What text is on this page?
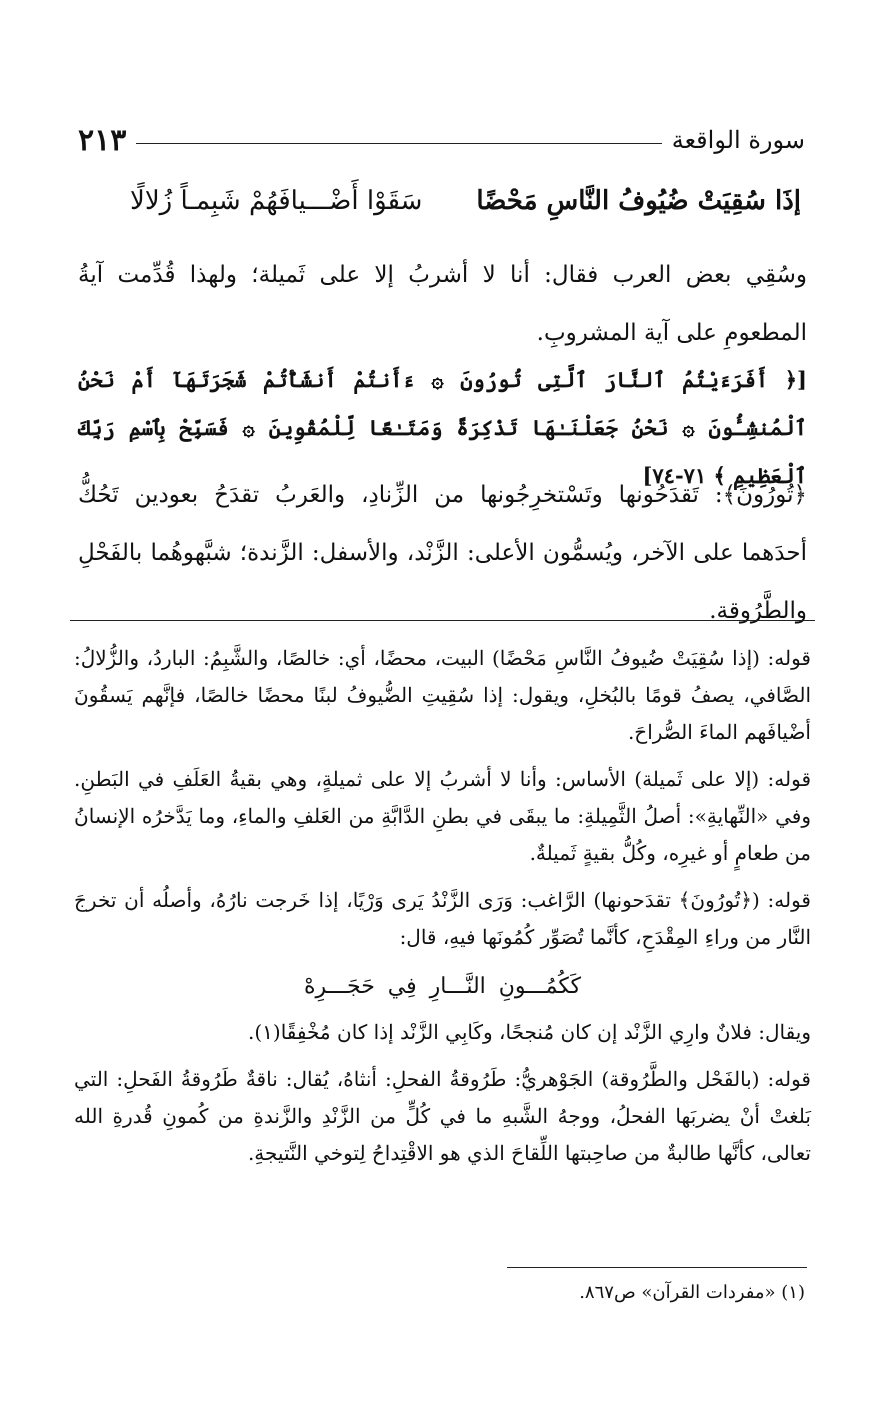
سورة الواقعة
٢١٣
إذَا سُقِيَتْ ضُيُوفُ النَّاسِ مَحْضًا
سَقَوْا أَضْـــيافَهُمْ شَبِمـاً زُلالًا
وسُقِي بعض العرب فقال: أنا لا أشربُ إلا على ثَميلة؛ ولهذا قُدِّمت آيةُ المطعومِ على آية المشروبِ.
[﴿ أَفَرَءَيْتُمُ ٱلنَّارَ ٱلَّتِى تُورُونَ ۞ ءَأَنتُمْ أَنشَأْتُمْ شَجَرَتَهَآ أَمْ نَحْنُ ٱلْمُنشِـُٔونَ ۞ نَحْنُ جَعَلْنَـٰهَا تَذْكِرَةً وَمَتَـٰعًا لِّلْمُقْوِينَ ۞ فَسَبِّحْ بِٱسْمِ رَبِّكَ ٱلْعَظِيمِ ﴾ ٧١-٧٤]
﴿تُورُونَ﴾: تَقدَحُونها وتَسْتخرِجُونها من الزِّنادِ، والعَربُ تقدَحُ بعودين تَحُكُّ أحدَهما على الآخر، ويُسمُّون الأعلى: الزَّنْد، والأسفل: الزَّندة؛ شبَّهوهُما بالفَحْلِ والطَّرُوقة.

قوله: (إذا سُقِيَتْ ضُيوفُ النَّاسِ مَحْضًا) البيت، محضًا، أي: خالصًا، والشَّبِمُ: الباردُ، والزُّلالُ: الصَّافي، يصفُ قومًا بالبُخلِ، ويقول: إذا سُقِيتِ الضُّيوفُ لبنًا محضًا خالصًا، فإنَّهم يَسقُونَ أضْيافَهم الماءَ الصُّراحَ.

قوله: (إلا على ثَميلة) الأساس: وأنا لا أشربُ إلا على ثميلةٍ، وهي بقيةُ العَلَفِ في البَطنِ. وفي «النِّهايةِ»: أصلُ الثَّمِيلةِ: ما يبقَى في بطنِ الدَّابَّةِ من العَلفِ والماءِ، وما يَدَّخرُه الإنسانُ من طعامٍ أو غيرِه، وكُلُّ بقيةٍ ثَميلةٌ.

قوله: (﴿تُورُونَ﴾ تقدَحونها) الرَّاغب: وَرَى الزَّنْدُ يَرى وَرْيًا، إذا خَرجت نارُهُ، وأصلُه أن تخرجَ النَّار من وراءِ المِقْدَحِ، كأنَّما تُصَوِّر كُمُونَها فيهِ، قال:

كَكُمُـــونِ النَّـــارِ فِي حَجَـــرِهْ

ويقال: فلانٌ وارِي الزَّنْد إن كان مُنجحًا، وكَابِي الزَّنْد إذا كان مُخْفِقًا(١).

قوله: (بالفَحْل والطَّرُوقة) الجَوْهريُّ: طَرُوقةُ الفحلِ: أنثاهُ، يُقال: ناقةٌ طَرُوقةُ الفَحلِ: التي بَلغتْ أنْ يضربَها الفحلُ، ووجهُ الشَّبهِ ما في كُلٍّ من الزَّنْدِ والزَّندةِ من كُمونِ قُدرةِ الله تعالى، كأنَّها طالبةٌ من صاحِبتها اللِّقاحَ الذي هو الاقْتِداحُ لِتوخي النَّتيجةِ.

(١) «مفردات القرآن» ص٨٦٧.
